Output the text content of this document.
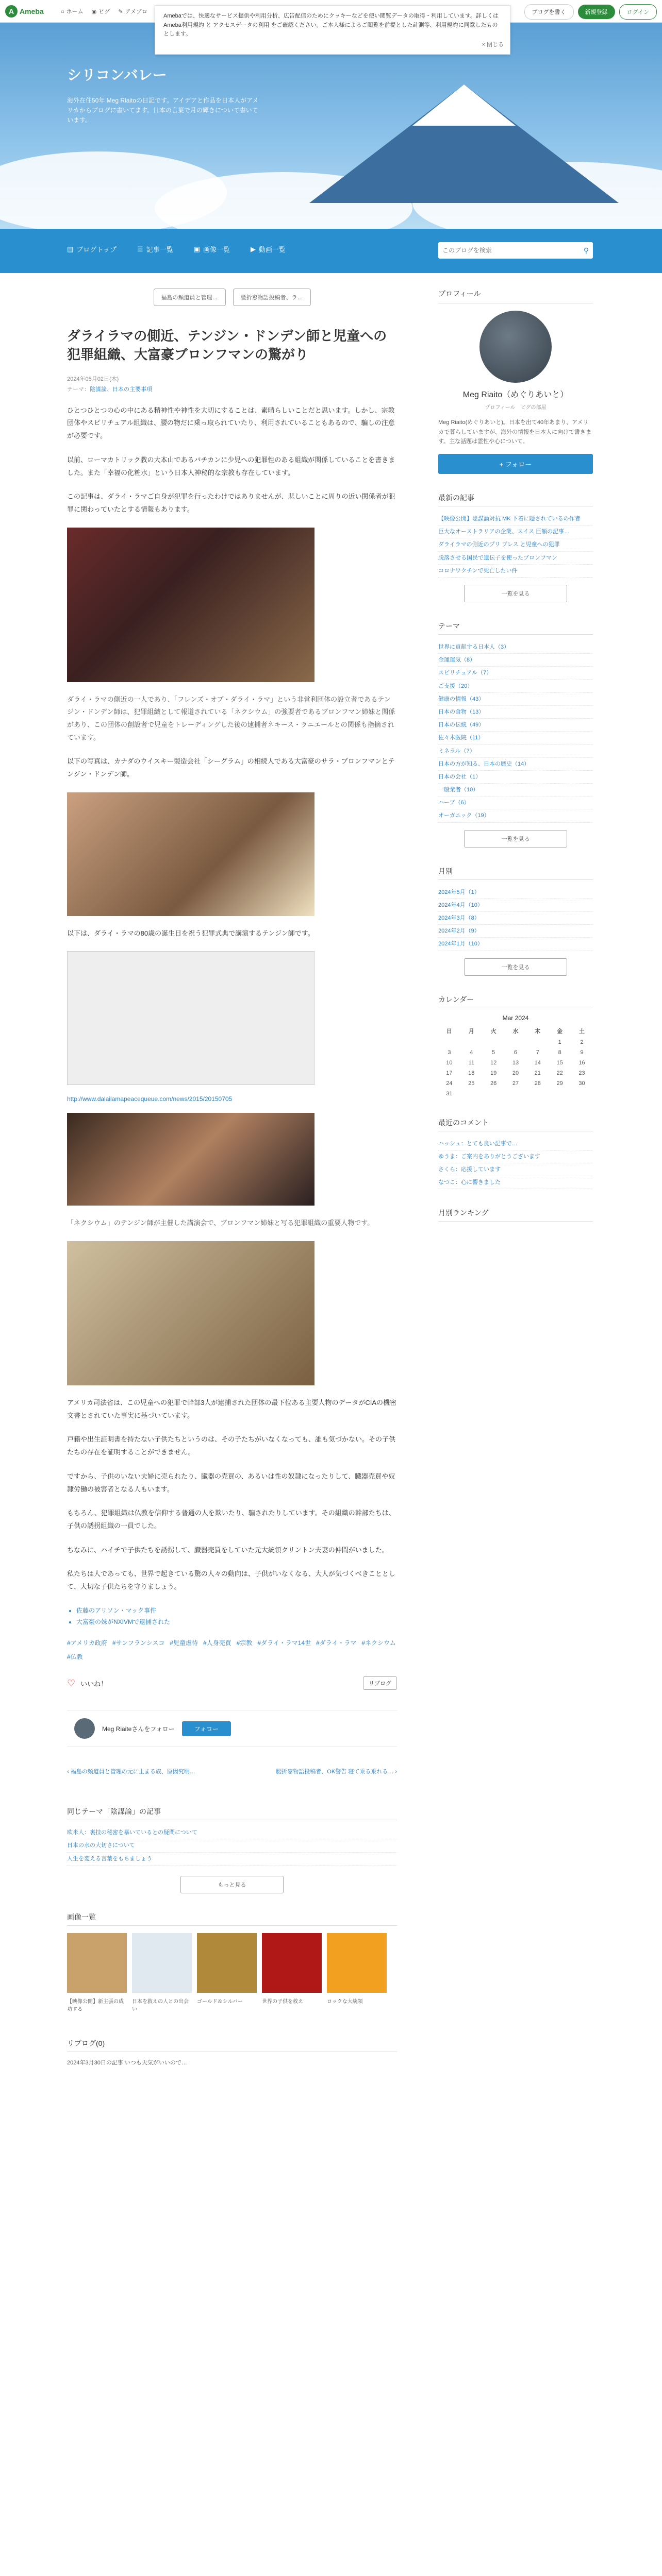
A Ameba	⌂ ホーム ◉ ピグ ✎ アメブロ	ブログを書く	新規登録	ログイン
Amebaでは、快適なサービス提供や利用分析、広告配信のためにクッキーなどを使い閲覧データの取得・利用しています。詳しくは Ameba利用規約 と アクセスデータの利用 をご確認ください。ご本人様によるご閲覧を前提とした計測等、利用規約に同意したものとします。
× 閉じる
シリコンバレー
海外在住50年 Meg Rlaitoの日記です。アイデアと作品を日本人がアメリカからブログに書いてます。日本の言葉で月の輝きについて書いています。
▤ ブログトップ	☰ 記事一覧	▣ 画像一覧	▶ 動画一覧
このブログを検索	⚲
福島の頻道員と管理…	腰折窓物語投稿者、ラ…
ダライラマの側近、テンジン・ドンデン師と児童への犯罪組織、大富豪ブロンフマンの驚がり
2024年05月02日(木)
テーマ：陰謀論、日本の主要事項

ひとつひとつの心の中にある精神性や神性を大切にすることは、素晴らしいことだと思います。しかし、宗教団体やスピリチュアル組織は、腰の物だに乗っ取られていたり、利用されていることもあるので、騙しの注意が必要です。

以前、ローマカトリック教の大本山であるバチカンに少児への犯罪性のある組織が関係していることを書きました。また「幸福の化粧水」という日本人神秘的な宗教も存在しています。

この記事は、ダライ・ラマご自身が犯罪を行ったわけではありませんが、悲しいことに周りの近い関係者が犯罪に関わっていたとする情報もあります。

ダライ・ラマの側近の一人であり、「フレンズ・オブ・ダライ・ラマ」という非営利団体の設立者であるテンジン・ドンデン師は、犯罪組織として報道されている「ネクシウム」の強要者であるブロンフマン姉妹と関係があり、この団体の創設者で児童をトレーディングした後の逮捕者ネキース・ラニエールとの関係も指摘されています。

以下の写真は、カナダのウイスキー製造会社「シーグラム」の相続人である大富豪のサラ・ブロンフマンとテンジン・ドンデン師。

以下は、ダライ・ラマの80歳の誕生日を祝う犯罪式典で講演するテンジン師です。

http://www.dalailamapeacequeue.com/news/2015/20150705

「ネクシウム」のテンジン師が主催した講演会で、ブロンフマン姉妹と写る犯罪組織の重要人物です。

アメリカ司法省は、この児童への犯罪で幹部3人が逮捕された団体の最下位ある主要人物のデータがCIAの機密文書とされていた事実に基づいています。

戸籍や出生証明書を持たない子供たちというのは、その子たちがいなくなっても、誰も気づかない。その子供たちの存在を証明することができません。

ですから、子供のいない夫婦に売られたり、臓器の売買の、あるいは性の奴隷になったりして、臓器売買や奴隷労働の被害者となる人もいます。

もちろん、犯罪組織は仏教を信仰する普通の人を欺いたり、騙されたりしています。その組織の幹部たちは、子供の誘拐組織の一員でした。

ちなみに、ハイチで子供たちを誘拐して、臓器売買をしていた元大統領クリントン夫妻の仲間がいました。

私たちは人であっても、世界で起きている驚の人々の動向は、子供がいなくなる、大人が気づくべきこととして、大切な子供たちを守りましょう。

• 佐藤のアリソン・マック事件
• 大富豪の妹がNXIVMで逮捕された
#アメリカ政府 #サンフランシスコ #児童虐待 #人身売買 #宗教 #ダライ・ラマ14世 #ダライ・ラマ #ネクシウム
#仏教
♡ いいね！	リブログ
Meg Riaiteさんをフォロー	フォロー
‹ 福島の頻道員と管理の元に止まる族、原因究明…	腰折窓物語投稿者、OK警告 寝て乗る乗れる… ›
同じテーマ「陰謀論」の記事
欧米人：裏技の秘密を暴いているとの疑問について
日本の水の大切さについて
人生を変える言葉をもちましょう
もっと見る
画像一覧
【映像公開】新主張の成功する
日本を救えの人との出会い
ゴールド＆シルバー	世界の子供を救え	ロックな大統領
リブログ(0)
2024年3月30日の記事 いつも天気がいいので…
プロフィール
Meg Riaito（めぐりあいと）
プロフィール　ピグの部屋
Meg Riaito(めぐりあいと)。日本を出て40年あまり、アメリカで暮らしていますが、海外の情報を日本人に向けて書きます。主な話題は霊性や心について。
+ フォロー
最新の記事
【映像公開】陰謀論対抗 MK 下着に隠されているの作者
巨大なオーストラリアの企業、スイス 巨額の記事…
ダライラマの側近のプリ プレス と児童への犯罪
脱落させる国民で遺伝子を使ったブロンフマン
コロナワクチンで死亡したい件
一覧を見る
テーマ
世界に貢献する日本人（3）
金運運気（8）
スピリチュアル（7）
ご支援（20）
健康の情報（43）
日本の食物（13）
日本の伝統（49）
佐々木医院（11）
ミネラル（7）
日本の方が知る、日本の歴史（14）
日本の会社（1）
一般業者（10）
ハーブ（6）
オーガニック（19）
一覧を見る
月別
2024年5月（1）
2024年4月（10）
2024年3月（8）
2024年2月（9）
2024年1月（10）
一覧を見る
カレンダー
Mar 2024
日	月	火	水	木	金	土
					1	2
3	4	5	6	7	8	9
10	11	12	13	14	15	16
17	18	19	20	21	22	23
24	25	26	27	28	29	30
31						
最近のコメント
ハッシュ：とても良い記事で…
ゆうま：ご案内をありがとうございます
さくら：応援しています
なつこ：心に響きました
月別ランキング
